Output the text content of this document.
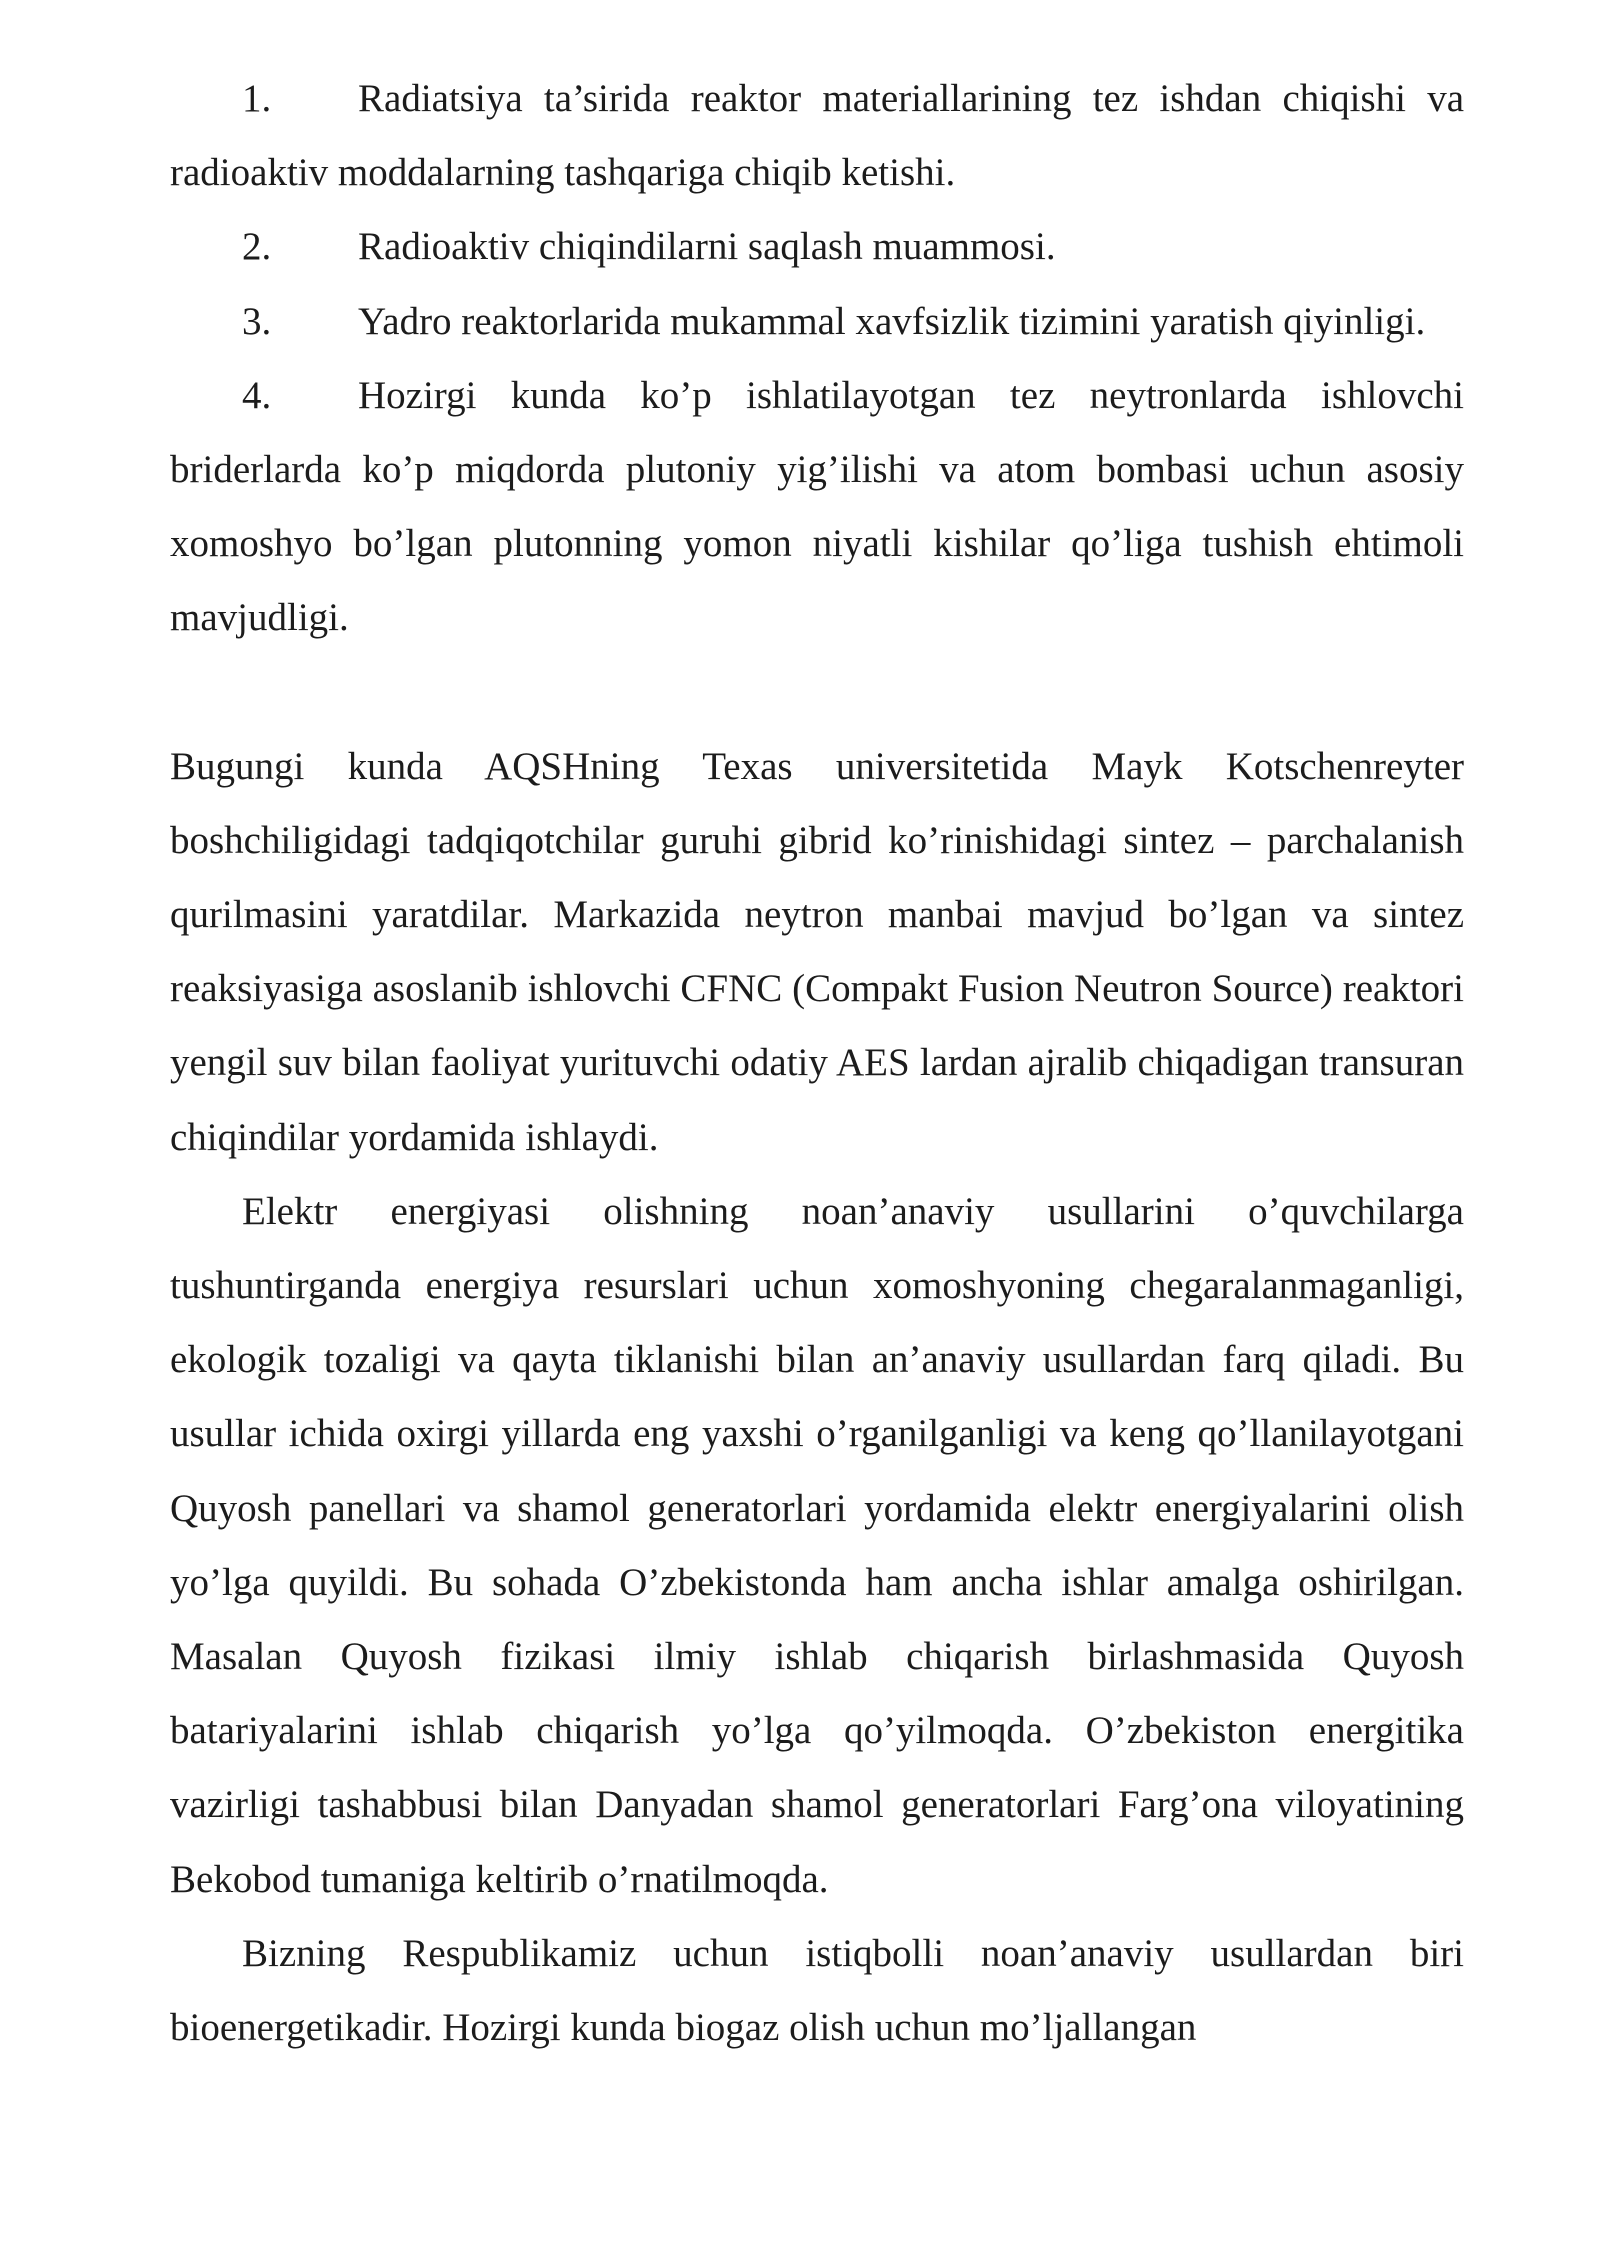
1. Radiatsiya ta’sirida reaktor materiallarining tez ishdan chiqishi va radioaktiv moddalarning tashqariga chiqib ketishi.

2. Radioaktiv chiqindilarni saqlash muammosi.

3. Yadro reaktorlarida mukammal xavfsizlik tizimini yaratish qiyinligi.

4. Hozirgi kunda ko’p ishlatilayotgan tez neytronlarda ishlovchi briderlarda ko’p miqdorda plutoniy yig’ilishi va atom bombasi uchun asosiy xomoshyo bo’lgan plutonning yomon niyatli kishilar qo’liga tushish ehtimoli mavjudligi.

Bugungi kunda AQSHning Texas universitetida Mayk Kotschenreyter boshchiligidagi tadqiqotchilar guruhi gibrid ko’rinishidagi sintez – parchalanish qurilmasini yaratdilar. Markazida neytron manbai mavjud bo’lgan va sintez reaksiyasiga asoslanib ishlovchi CFNC (Compakt Fusion Neutron Source) reaktori yengil suv bilan faoliyat yurituvchi odatiy AES lardan ajralib chiqadigan transuran chiqindilar yordamida ishlaydi.

Elektr energiyasi olishning noan’anaviy usullarini o’quvchilarga tushuntirganda energiya resurslari uchun xomoshyoning chegaralanmaganligi, ekologik tozaligi va qayta tiklanishi bilan an’anaviy usullardan farq qiladi. Bu usullar ichida oxirgi yillarda eng yaxshi o’rganilganligi va keng qo’llanilayotgani Quyosh panellari va shamol generatorlari yordamida elektr energiyalarini olish yo’lga quyildi. Bu sohada O’zbekistonda ham ancha ishlar amalga oshirilgan. Masalan Quyosh fizikasi ilmiy ishlab chiqarish birlashmasida Quyosh batariyalarini ishlab chiqarish yo’lga qo’yilmoqda. O’zbekiston energitika vazirligi tashabbusi bilan Danyadan shamol generatorlari Farg’ona viloyatining Bekobod tumaniga keltirib o’rnatilmoqda.

Bizning Respublikamiz uchun istiqbolli noan’anaviy usullardan biri bioenergetikadir. Hozirgi kunda biogaz olish uchun mo’ljallangan
